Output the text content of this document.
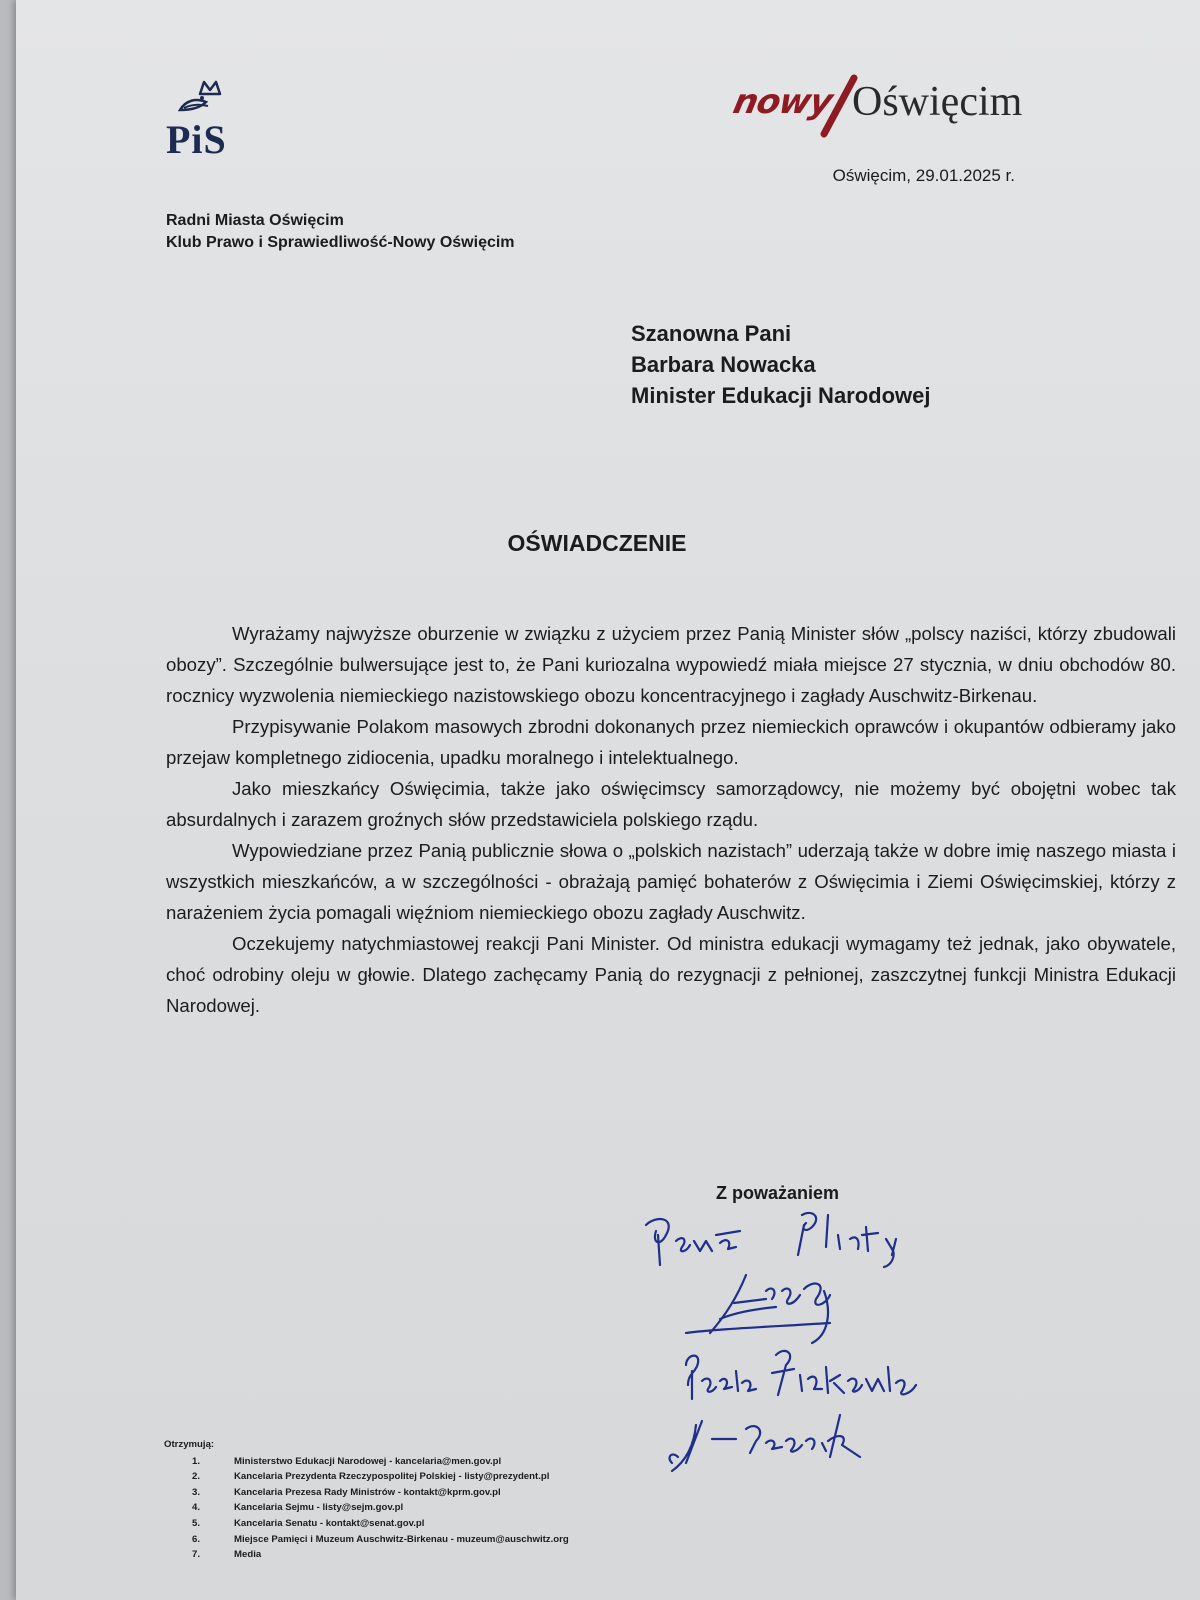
PiS
nowy Oświęcim
Oświęcim, 29.01.2025 r.
Radni Miasta Oświęcim
Klub Prawo i Sprawiedliwość-Nowy Oświęcim
Szanowna Pani
Barbara Nowacka
Minister Edukacji Narodowej
OŚWIADCZENIE

Wyrażamy najwyższe oburzenie w związku z użyciem przez Panią Minister słów „polscy naziści, którzy zbudowali obozy”. Szczególnie bulwersujące jest to, że Pani kuriozalna wypowiedź miała miejsce 27 stycznia, w dniu obchodów 80. rocznicy wyzwolenia niemieckiego nazistowskiego obozu koncentracyjnego i zagłady Auschwitz-Birkenau.

Przypisywanie Polakom masowych zbrodni dokonanych przez niemieckich oprawców i okupantów odbieramy jako przejaw kompletnego zidiocenia, upadku moralnego i intelektualnego.

Jako mieszkańcy Oświęcimia, także jako oświęcimscy samorządowcy, nie możemy być obojętni wobec tak absurdalnych i zarazem groźnych słów przedstawiciela polskiego rządu.

Wypowiedziane przez Panią publicznie słowa o „polskich nazistach” uderzają także w dobre imię naszego miasta i wszystkich mieszkańców, a w szczególności - obrażają pamięć bohaterów z Oświęcimia i Ziemi Oświęcimskiej, którzy z narażeniem życia pomagali więźniom niemieckiego obozu zagłady Auschwitz.

Oczekujemy natychmiastowej reakcji Pani Minister. Od ministra edukacji wymagamy też jednak, jako obywatele, choć odrobiny oleju w głowie. Dlatego zachęcamy Panią do rezygnacji z pełnionej, zaszczytnej funkcji Ministra Edukacji Narodowej.

Z poważaniem
Otrzymują:
1.	Ministerstwo Edukacji Narodowej - kancelaria@men.gov.pl
2.	Kancelaria Prezydenta Rzeczypospolitej Polskiej - listy@prezydent.pl
3.	Kancelaria Prezesa Rady Ministrów - kontakt@kprm.gov.pl
4.	Kancelaria Sejmu - listy@sejm.gov.pl
5.	Kancelaria Senatu - kontakt@senat.gov.pl
6.	Miejsce Pamięci i Muzeum Auschwitz-Birkenau - muzeum@auschwitz.org
7.	Media
